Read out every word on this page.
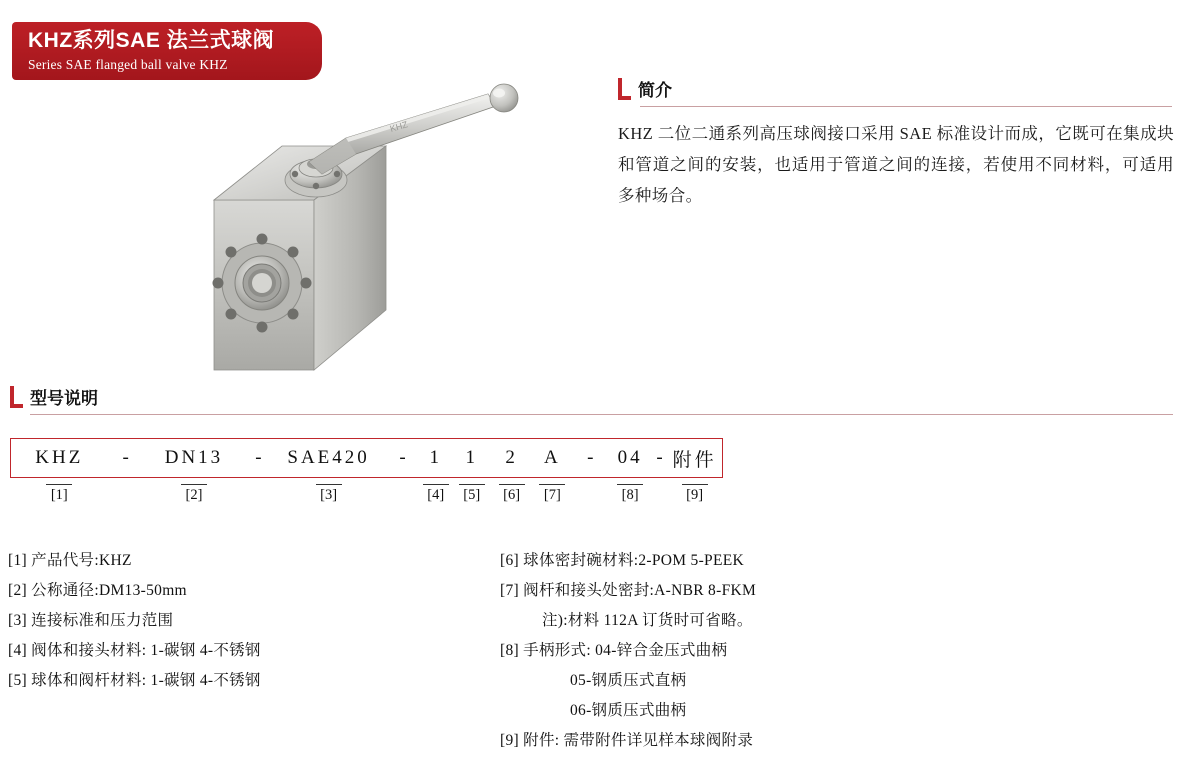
KHZ系列SAE 法兰式球阀
Series SAE flanged ball valve KHZ
KHZ
简介
KHZ 二位二通系列高压球阀接口采用 SAE 标准设计而成，它既可在集成块和管道之间的安装，也适用于管道之间的连接，若使用不同材料，可适用多种场合。
型号说明
KHZ	-	DN13	-	SAE420	-	1	1	2	A	-	04 - 附件
[1]	[2]	[3]	[4]	[5]	[6]	[7]	[8]	[9]
[1] 产品代号:KHZ
[2] 公称通径:DM13-50mm
[3] 连接标准和压力范围
[4] 阀体和接头材料: 1-碳钢 4-不锈钢
[5] 球体和阀杆材料: 1-碳钢 4-不锈钢
[6] 球体密封碗材料:2-POM 5-PEEK
[7] 阀杆和接头处密封:A-NBR 8-FKM
注):材料 112A 订货时可省略。
[8] 手柄形式: 04-锌合金压式曲柄
05-钢质压式直柄
06-钢质压式曲柄
[9] 附件: 需带附件详见样本球阀附录
